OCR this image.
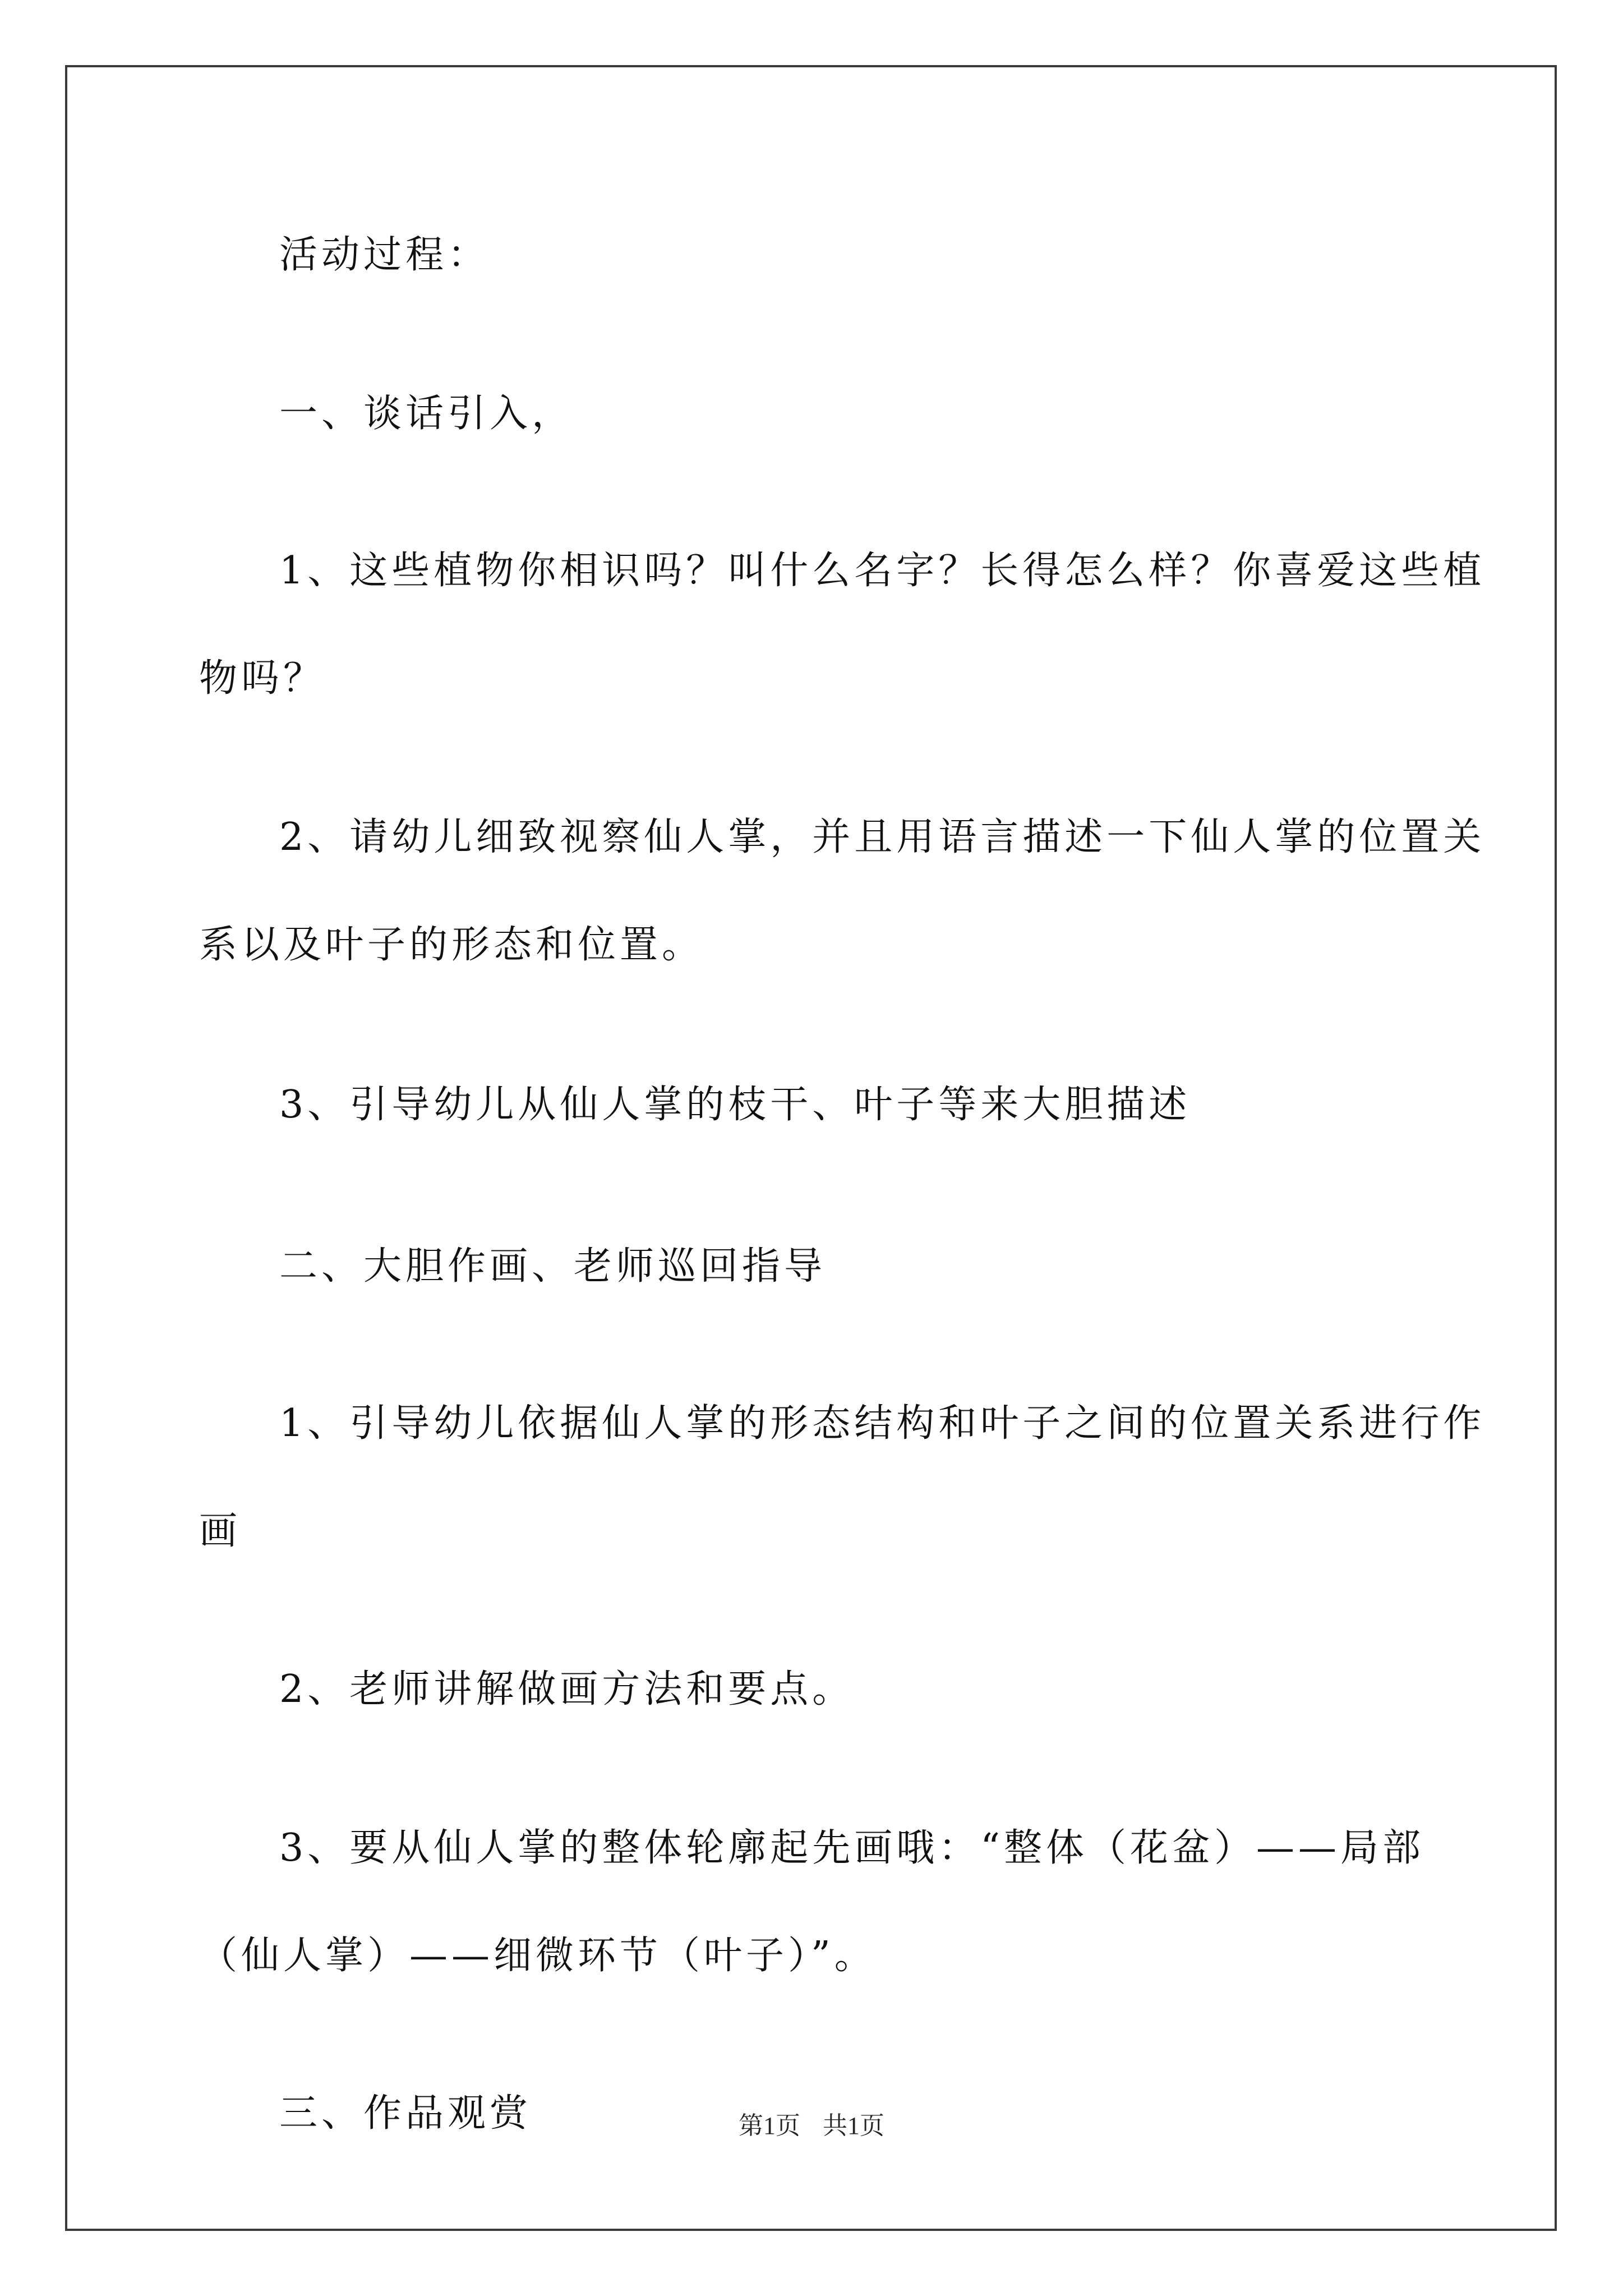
活动过程：

一、谈话引入，

1、这些植物你相识吗？叫什么名字？长得怎么样？你喜爱这些植

物吗？

2、请幼儿细致视察仙人掌，并且用语言描述一下仙人掌的位置关

系以及叶子的形态和位置。

3、引导幼儿从仙人掌的枝干、叶子等来大胆描述

二、大胆作画、老师巡回指导

1、引导幼儿依据仙人掌的形态结构和叶子之间的位置关系进行作

画

2、老师讲解做画方法和要点。

3、要从仙人掌的整体轮廓起先画哦：“整体（花盆）——局部

（仙人掌）——细微环节（叶子）”。

三、作品观赏	第1页 共1页
